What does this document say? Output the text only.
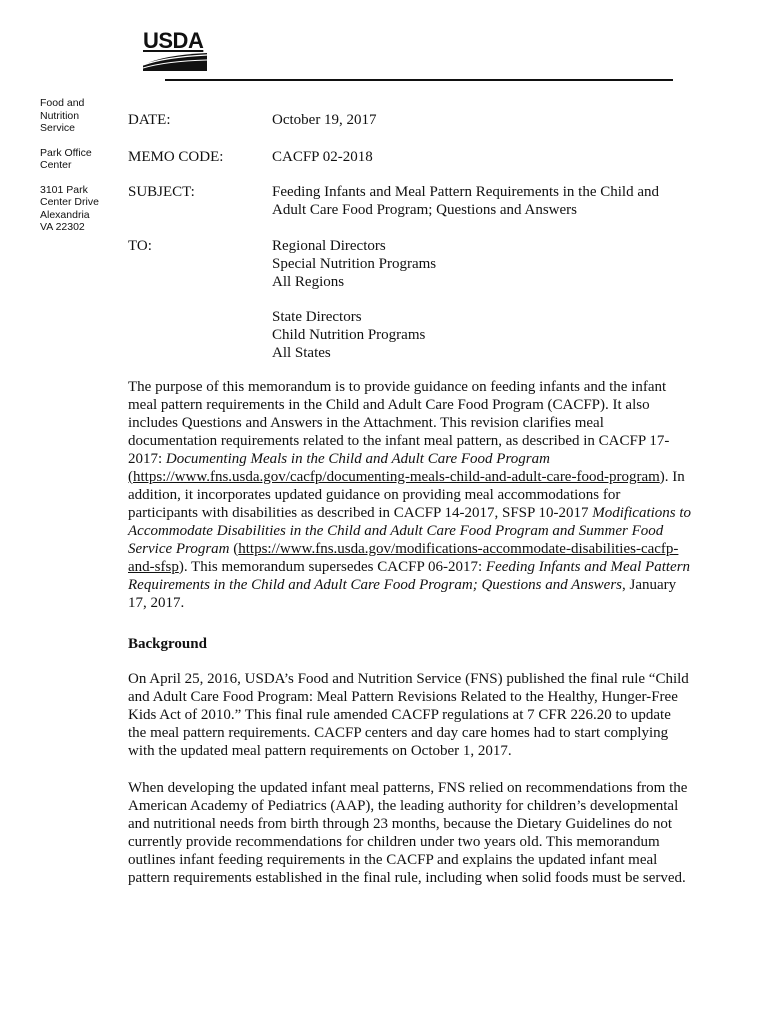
USDA
Food and
Nutrition
Service
Park Office
Center
3101 Park
Center Drive
Alexandria
VA 22302
DATE:	October 19, 2017
MEMO CODE:	CACFP 02-2018
SUBJECT:	Feeding Infants and Meal Pattern Requirements in the Child and
Adult Care Food Program; Questions and Answers
TO:	Regional Directors
Special Nutrition Programs
All Regions
State Directors
Child Nutrition Programs
All States

The purpose of this memorandum is to provide guidance on feeding infants and the infant meal pattern requirements in the Child and Adult Care Food Program (CACFP). It also includes Questions and Answers in the Attachment. This revision clarifies meal documentation requirements related to the infant meal pattern, as described in CACFP 17-2017: Documenting Meals in the Child and Adult Care Food Program (https://www.fns.usda.gov/cacfp/documenting-meals-child-and-adult-care-food-program). In addition, it incorporates updated guidance on providing meal accommodations for participants with disabilities as described in CACFP 14-2017, SFSP 10-2017 Modifications to Accommodate Disabilities in the Child and Adult Care Food Program and Summer Food Service Program (https://www.fns.usda.gov/modifications-accommodate-disabilities-cacfp-and-sfsp). This memorandum supersedes CACFP 06-2017: Feeding Infants and Meal Pattern Requirements in the Child and Adult Care Food Program; Questions and Answers, January 17, 2017.

Background

On April 25, 2016, USDA’s Food and Nutrition Service (FNS) published the final rule “Child and Adult Care Food Program: Meal Pattern Revisions Related to the Healthy, Hunger-Free Kids Act of 2010.” This final rule amended CACFP regulations at 7 CFR 226.20 to update the meal pattern requirements. CACFP centers and day care homes had to start complying with the updated meal pattern requirements on October 1, 2017.

When developing the updated infant meal patterns, FNS relied on recommendations from the American Academy of Pediatrics (AAP), the leading authority for children’s developmental and nutritional needs from birth through 23 months, because the Dietary Guidelines do not currently provide recommendations for children under two years old. This memorandum outlines infant feeding requirements in the CACFP and explains the updated infant meal pattern requirements established in the final rule, including when solid foods must be served.
